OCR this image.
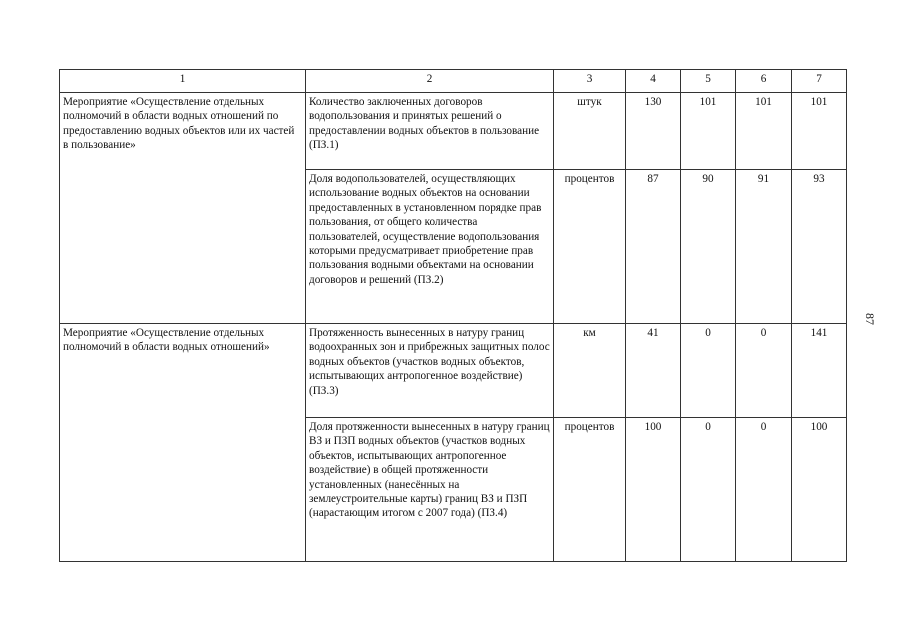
1	2	3	4	5	6	7
Мероприятие «Осуществление отдельных полномочий в области водных отношений по предоставлению водных объектов или их частей в пользование»	Количество заключенных договоров водопользования и принятых решений о предоставлении водных объектов в пользование (ПЗ.1)	штук	130	101	101	101
	Доля водопользователей, осуществляющих использование водных объектов на основании предоставленных в установленном порядке прав пользования, от общего количества пользователей, осуществление водопользования которыми предусматривает приобретение прав пользования водными объектами на основании договоров и решений (ПЗ.2)	процентов	87	90	91	93
Мероприятие «Осуществление отдельных полномочий в области водных отношений»	Протяженность вынесенных в натуру границ водоохранных зон и прибрежных защитных полос водных объектов (участков водных объектов, испытывающих антропогенное воздействие) (ПЗ.3)	км	41	0	0	141
	Доля протяженности вынесенных в натуру границ ВЗ и ПЗП водных объектов (участков водных объектов, испытывающих антропогенное воздействие) в общей протяженности установленных (нанесённых на землеустроительные карты) границ ВЗ и ПЗП (нарастающим итогом с 2007 года) (ПЗ.4)	процентов	100	0	0	100
87
